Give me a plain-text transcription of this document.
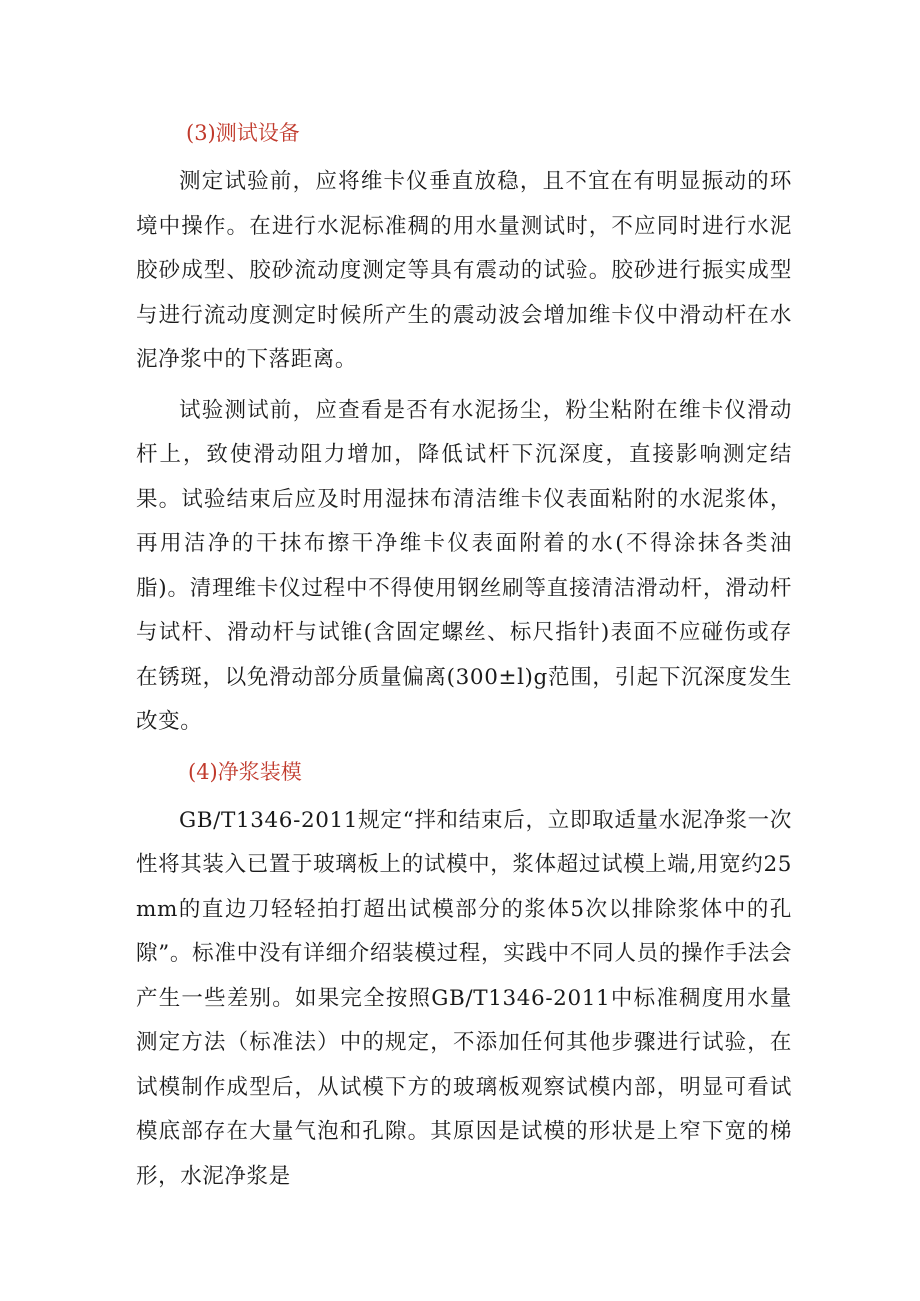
(3)测试设备

测定试验前，应将维卡仪垂直放稳，且不宜在有明显振动的环境中操作。在进行水泥标准稠的用水量测试时，不应同时进行水泥胶砂成型、胶砂流动度测定等具有震动的试验。胶砂进行振实成型与进行流动度测定时候所产生的震动波会增加维卡仪中滑动杆在水泥净浆中的下落距离。

试验测试前，应查看是否有水泥扬尘，粉尘粘附在维卡仪滑动杆上，致使滑动阻力增加，降低试杆下沉深度，直接影响测定结果。试验结束后应及时用湿抹布清洁维卡仪表面粘附的水泥浆体，再用洁净的干抹布擦干净维卡仪表面附着的水(不得涂抹各类油脂)。清理维卡仪过程中不得使用钢丝刷等直接清洁滑动杆，滑动杆与试杆、滑动杆与试锥(含固定螺丝、标尺指针)表面不应碰伤或存在锈斑，以免滑动部分质量偏离(300±l)g范围，引起下沉深度发生改变。

(4)净浆装模

GB/T1346-2011规定“拌和结束后，立即取适量水泥净浆一次性将其装入已置于玻璃板上的试模中，浆体超过试模上端,用宽约25mm的直边刀轻轻拍打超出试模部分的浆体5次以排除浆体中的孔隙”。标准中没有详细介绍装模过程，实践中不同人员的操作手法会产生一些差别。如果完全按照GB/T1346-2011中标准稠度用水量测定方法（标准法）中的规定，不添加任何其他步骤进行试验，在试模制作成型后，从试模下方的玻璃板观察试模内部，明显可看试模底部存在大量气泡和孔隙。其原因是试模的形状是上窄下宽的梯形，水泥净浆是
